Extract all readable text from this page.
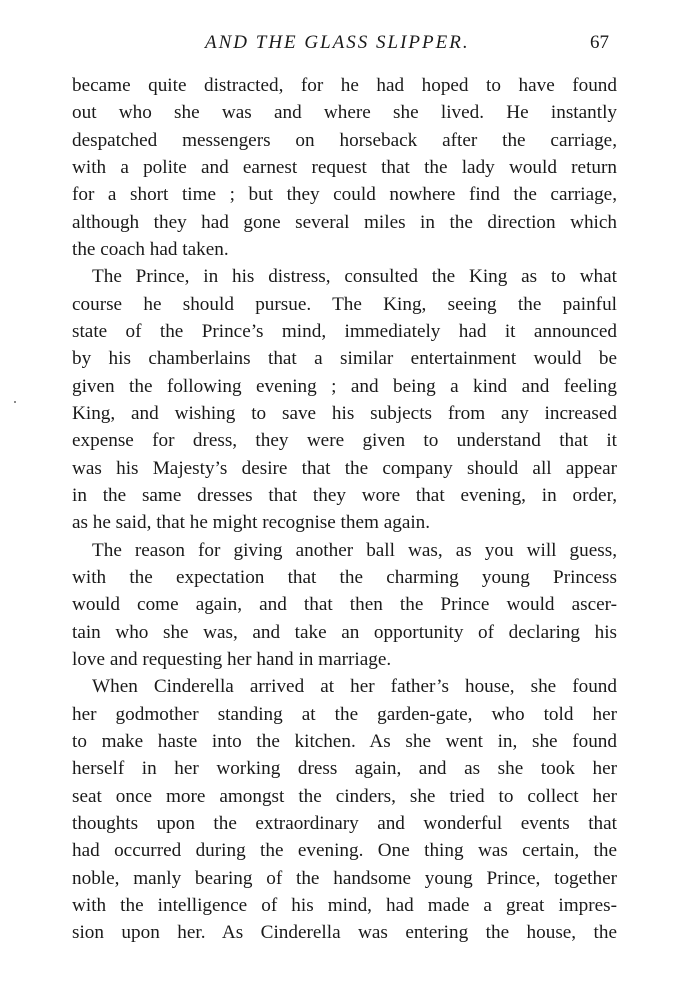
AND THE GLASS SLIPPER.	67
became quite distracted, for he had hoped to have found
out who she was and where she lived. He instantly
despatched messengers on horseback after the carriage,
with a polite and earnest request that the lady would return
for a short time ; but they could nowhere find the carriage,
although they had gone several miles in the direction which
the coach had taken.
The Prince, in his distress, consulted the King as to what
course he should pursue. The King, seeing the painful
state of the Prince’s mind, immediately had it announced
by his chamberlains that a similar entertainment would be
given the following evening ; and being a kind and feeling
King, and wishing to save his subjects from any increased
expense for dress, they were given to understand that it
was his Majesty’s desire that the company should all appear
in the same dresses that they wore that evening, in order,
as he said, that he might recognise them again.
The reason for giving another ball was, as you will guess,
with the expectation that the charming young Princess
would come again, and that then the Prince would ascer-
tain who she was, and take an opportunity of declaring his
love and requesting her hand in marriage.
When Cinderella arrived at her father’s house, she found
her godmother standing at the garden-gate, who told her
to make haste into the kitchen. As she went in, she found
herself in her working dress again, and as she took her
seat once more amongst the cinders, she tried to collect her
thoughts upon the extraordinary and wonderful events that
had occurred during the evening. One thing was certain, the
noble, manly bearing of the handsome young Prince, together
with the intelligence of his mind, had made a great impres-
sion upon her. As Cinderella was entering the house, the
